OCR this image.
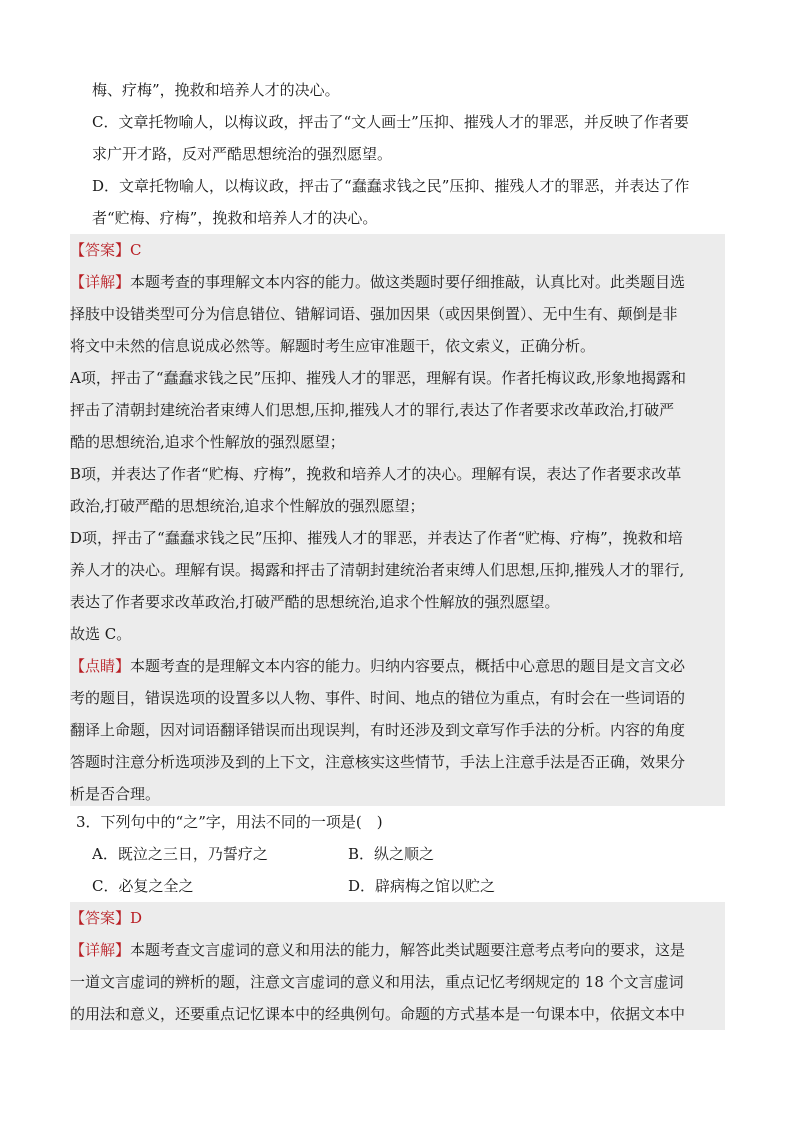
梅、疗梅”，挽救和培养人才的决心。
C．文章托物喻人，以梅议政，抨击了“文人画士”压抑、摧残人才的罪恶，并反映了作者要
求广开才路，反对严酷思想统治的强烈愿望。
D．文章托物喻人，以梅议政，抨击了“蠢蠢求钱之民”压抑、摧残人才的罪恶，并表达了作
者“贮梅、疗梅”，挽救和培养人才的决心。
【答案】C
【详解】本题考查的事理解文本内容的能力。做这类题时要仔细推敲，认真比对。此类题目选
择肢中设错类型可分为信息错位、错解词语、强加因果（或因果倒置）、无中生有、颠倒是非
将文中未然的信息说成必然等。解题时考生应审准题干，依文索义，正确分析。
A项，抨击了“蠢蠢求钱之民”压抑、摧残人才的罪恶，理解有误。作者托梅议政,形象地揭露和
抨击了清朝封建统治者束缚人们思想,压抑,摧残人才的罪行,表达了作者要求改革政治,打破严
酷的思想统治,追求个性解放的强烈愿望；
B项，并表达了作者“贮梅、疗梅”，挽救和培养人才的决心。理解有误，表达了作者要求改革
政治,打破严酷的思想统治,追求个性解放的强烈愿望；
D项，抨击了“蠢蠢求钱之民”压抑、摧残人才的罪恶，并表达了作者“贮梅、疗梅”，挽救和培
养人才的决心。理解有误。揭露和抨击了清朝封建统治者束缚人们思想,压抑,摧残人才的罪行,
表达了作者要求改革政治,打破严酷的思想统治,追求个性解放的强烈愿望。
故选 C。
【点睛】本题考查的是理解文本内容的能力。归纳内容要点，概括中心意思的题目是文言文必
考的题目，错误选项的设置多以人物、事件、时间、地点的错位为重点，有时会在一些词语的
翻译上命题，因对词语翻译错误而出现误判，有时还涉及到文章写作手法的分析。内容的角度
答题时注意分析选项涉及到的上下文，注意核实这些情节，手法上注意手法是否正确，效果分
析是否合理。
3．下列句中的“之”字，用法不同的一项是(　)
A．既泣之三日，乃誓疗之	B．纵之顺之
C．必复之全之	D．辟病梅之馆以贮之
【答案】D
【详解】本题考查文言虚词的意义和用法的能力，解答此类试题要注意考点考向的要求，这是
一道文言虚词的辨析的题，注意文言虚词的意义和用法，重点记忆考纲规定的 18 个文言虚词
的用法和意义，还要重点记忆课本中的经典例句。命题的方式基本是一句课本中，依据文本中
